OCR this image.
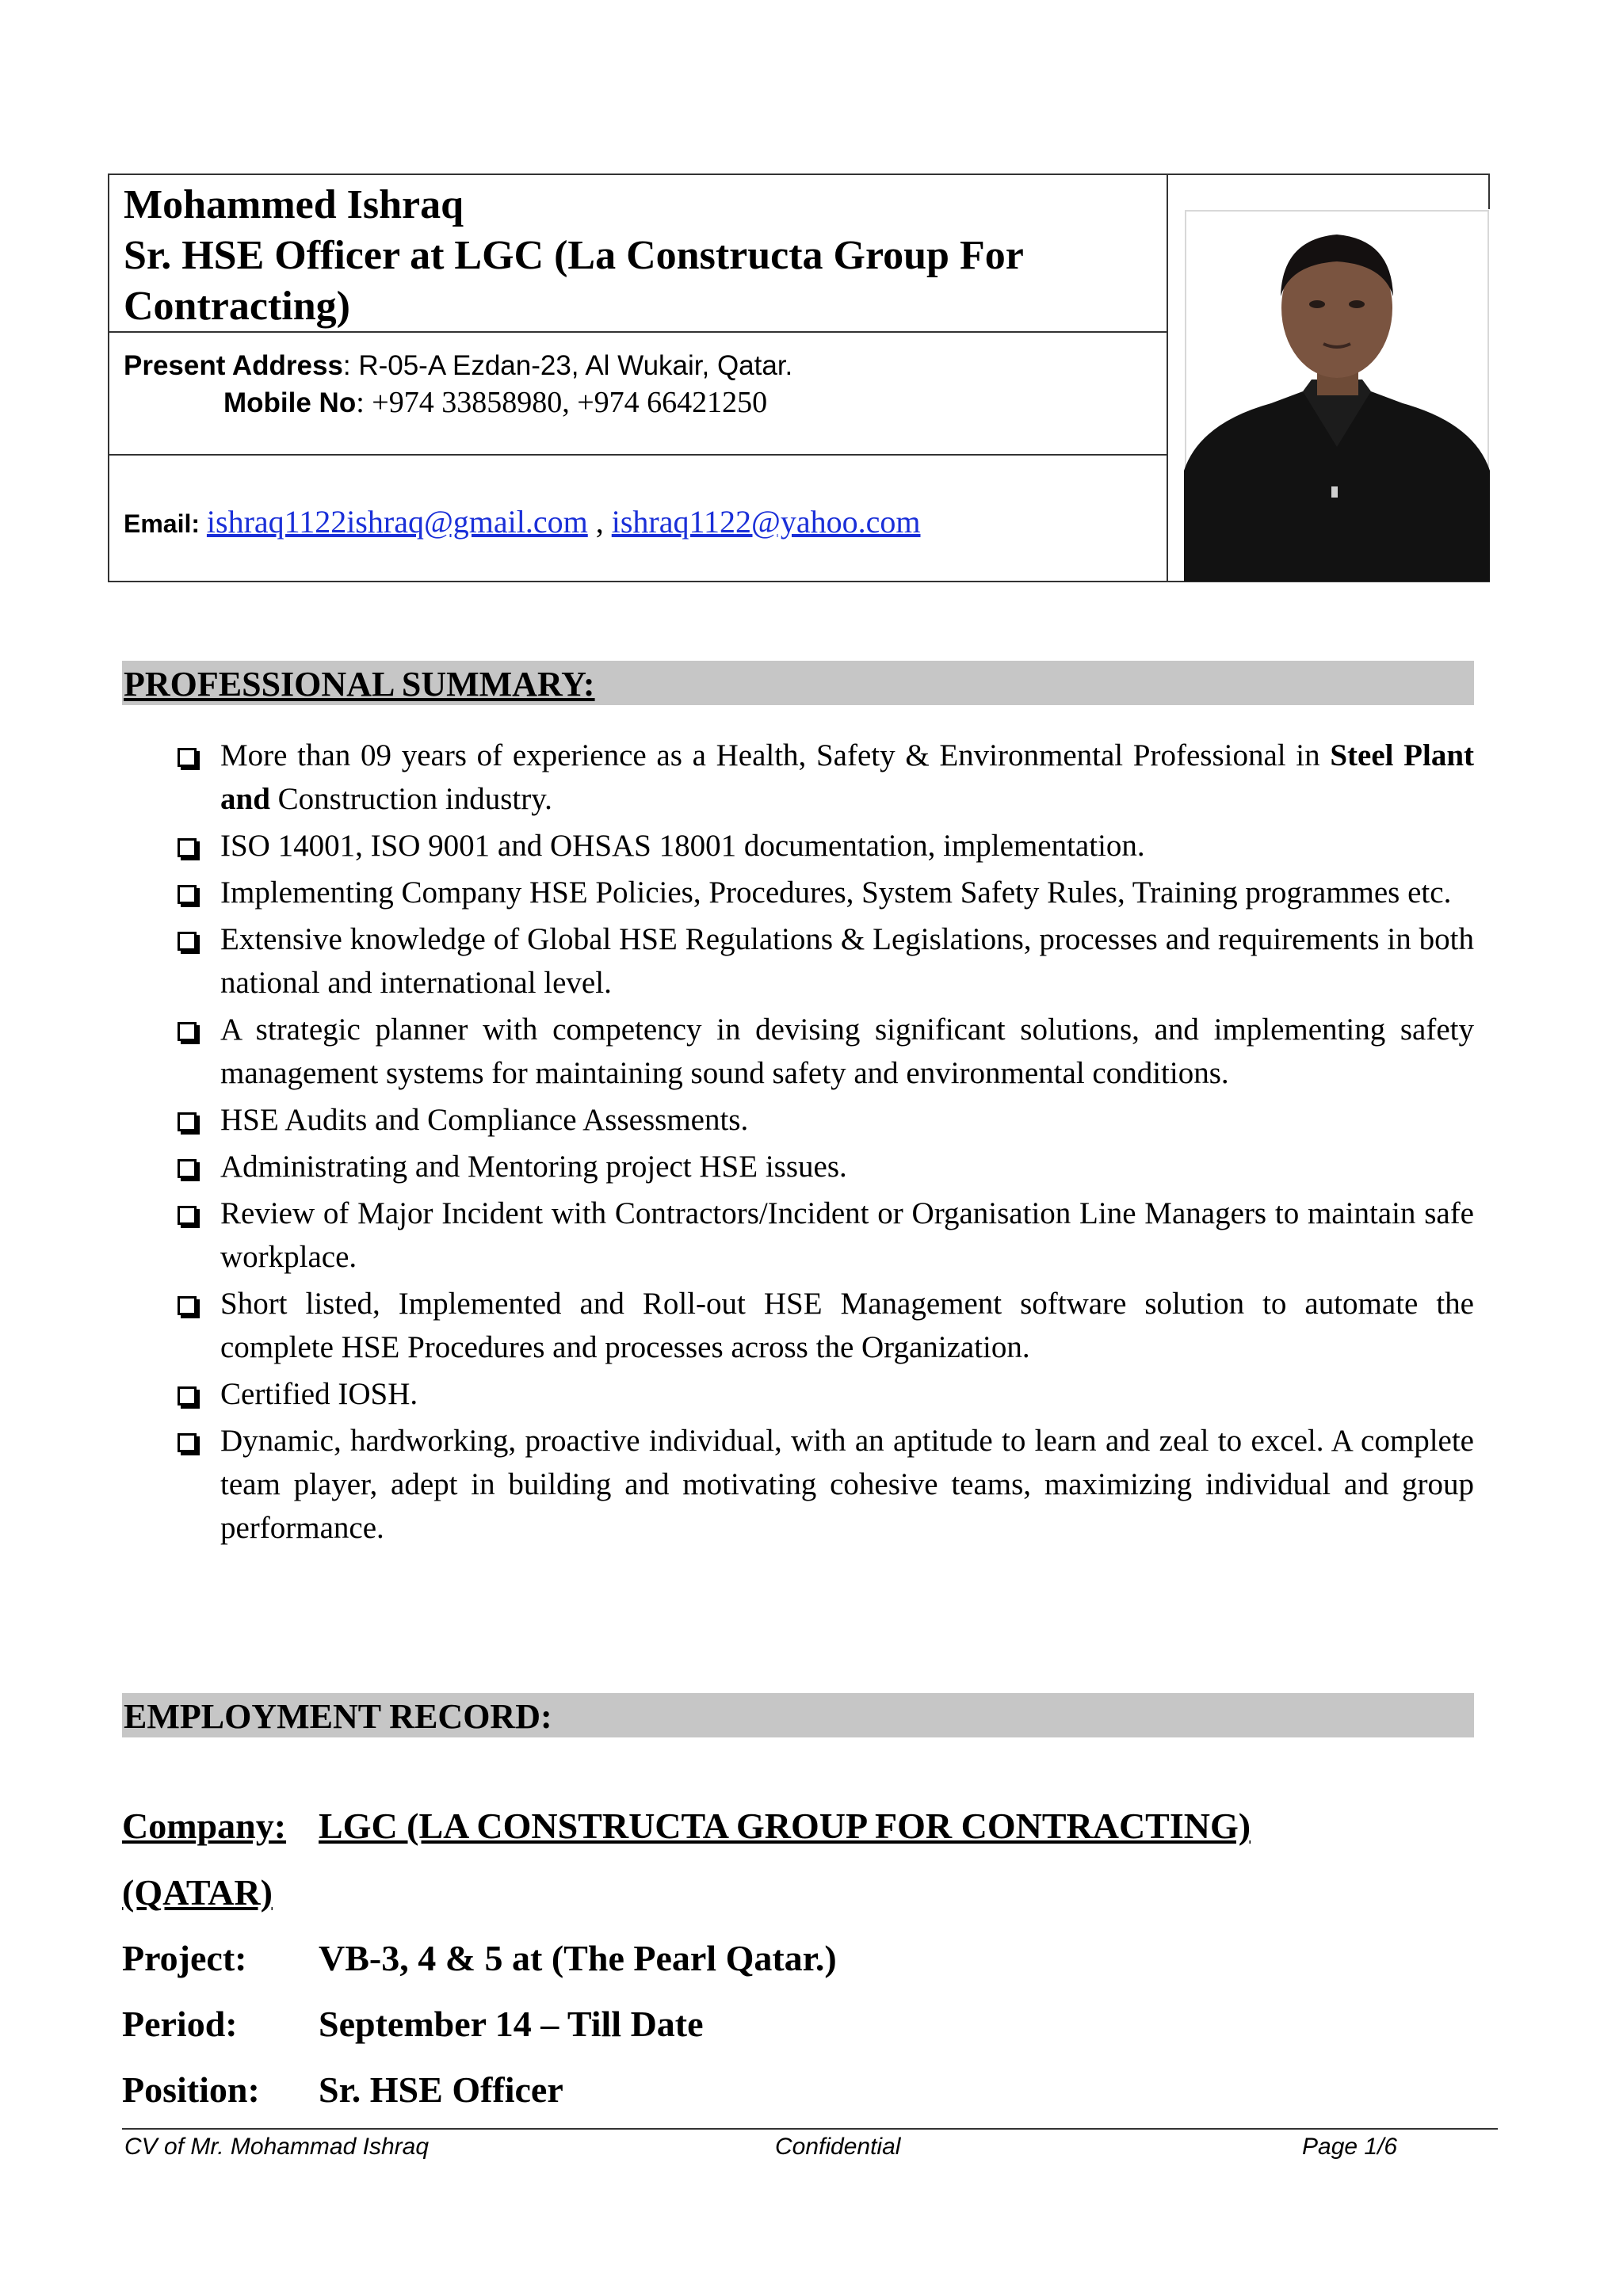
Mohammed Ishraq
Sr. HSE Officer at LGC (La Constructa Group For
Contracting)
Present Address: R-05-A Ezdan-23, Al Wukair, Qatar.
Mobile No: +974 33858980, +974 66421250
Email: ishraq1122ishraq@gmail.com , ishraq1122@yahoo.com
PROFESSIONAL SUMMARY:
More than 09 years of experience as a Health, Safety & Environmental Professional in Steel Plant and Construction industry.
ISO 14001, ISO 9001 and OHSAS 18001 documentation, implementation.
Implementing Company HSE Policies, Procedures, System Safety Rules, Training programmes etc.
Extensive knowledge of Global HSE Regulations & Legislations, processes and requirements in both national and international level.
A strategic planner with competency in devising significant solutions, and implementing safety management systems for maintaining sound safety and environmental conditions.
HSE Audits and Compliance Assessments.
Administrating and Mentoring project HSE issues.
Review of Major Incident with Contractors/Incident or Organisation Line Managers to maintain safe workplace.
Short listed, Implemented and Roll-out HSE Management software solution to automate the complete HSE Procedures and processes across the Organization.
Certified IOSH.
Dynamic, hardworking, proactive individual, with an aptitude to learn and zeal to excel. A complete team player, adept in building and motivating cohesive teams, maximizing individual and group performance.
EMPLOYMENT RECORD:
Company: LGC (LA CONSTRUCTA GROUP FOR CONTRACTING)
(QATAR)
Project: VB-3, 4 & 5 at (The Pearl Qatar.)
Period: September 14 – Till Date
Position: Sr. HSE Officer
CV of Mr. Mohammad Ishraq	Confidential	Page 1/6
